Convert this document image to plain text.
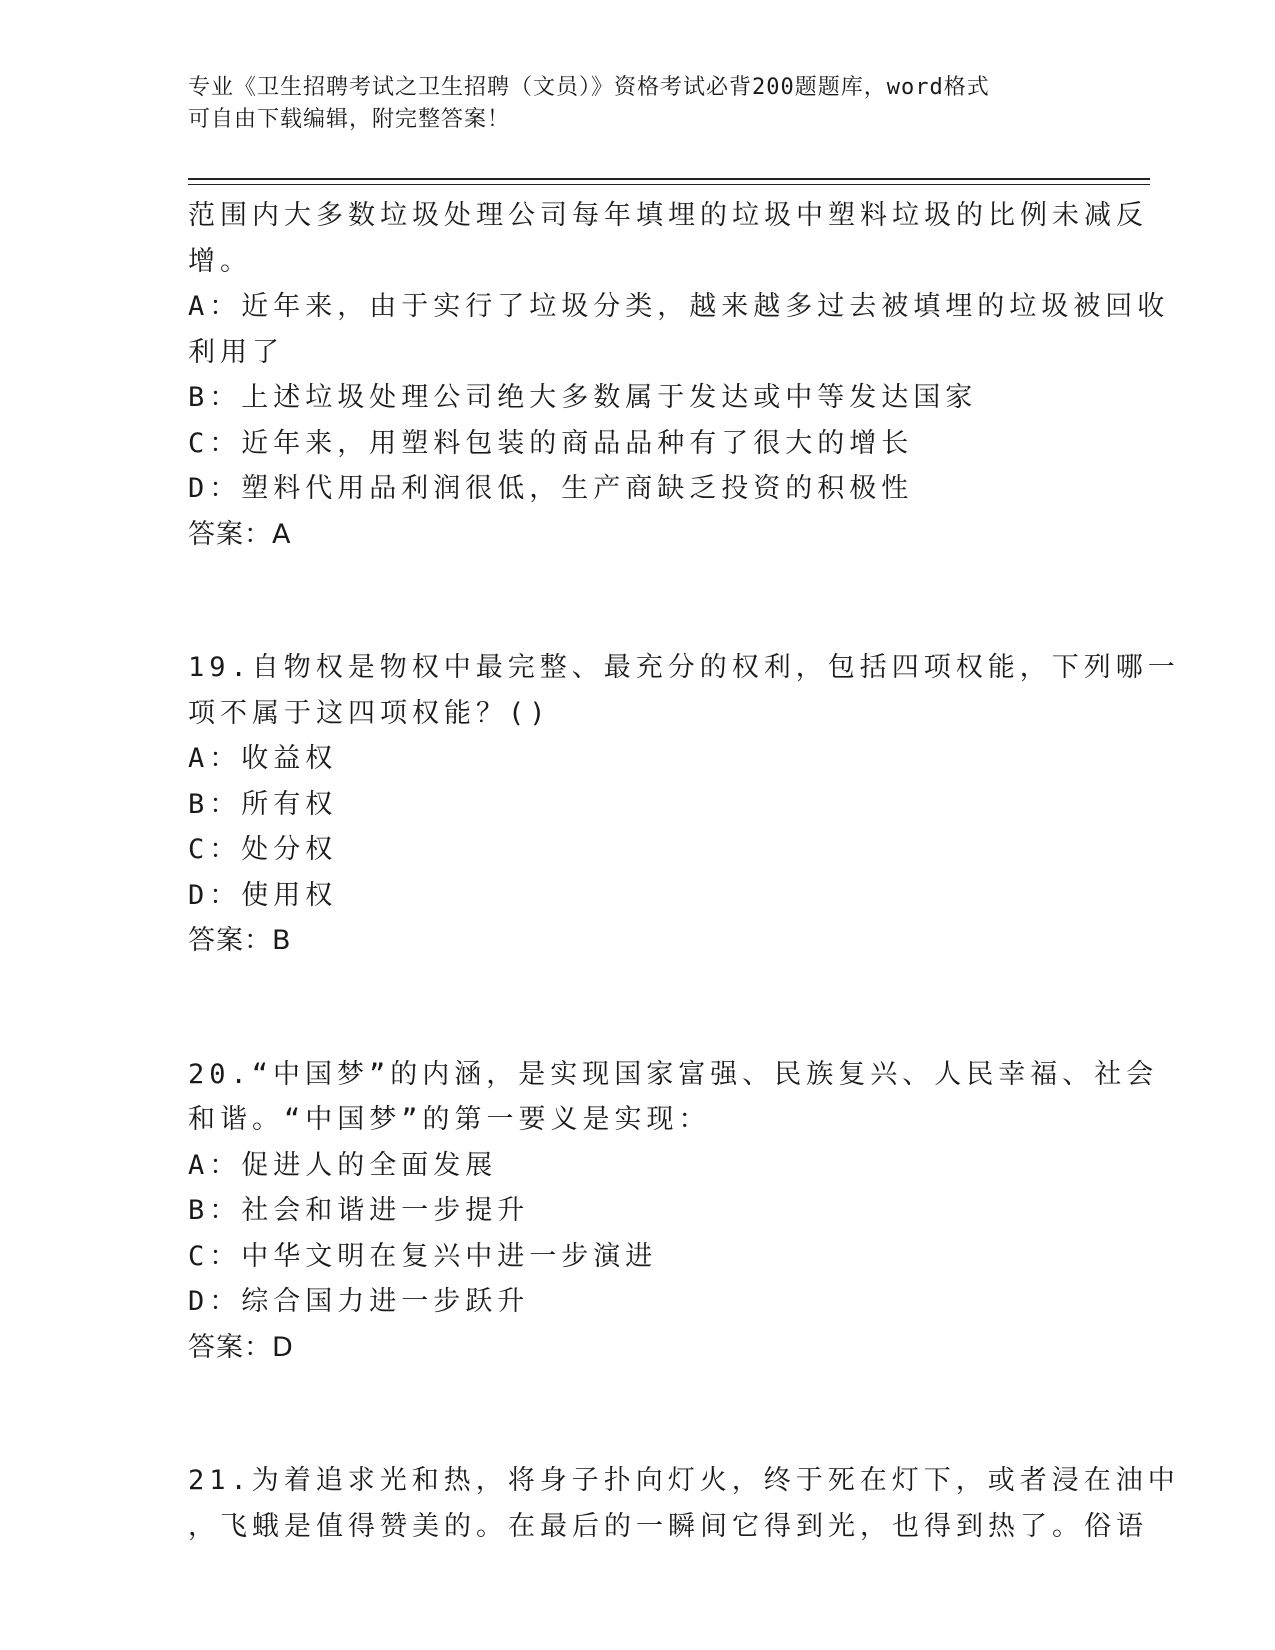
专业《卫生招聘考试之卫生招聘（文员）》资格考试必背200题题库，word格式
可自由下载编辑，附完整答案！
范围内大多数垃圾处理公司每年填埋的垃圾中塑料垃圾的比例未减反
增。
A：近年来，由于实行了垃圾分类，越来越多过去被填埋的垃圾被回收
利用了
B：上述垃圾处理公司绝大多数属于发达或中等发达国家
C：近年来，用塑料包装的商品品种有了很大的增长
D：塑料代用品利润很低，生产商缺乏投资的积极性
答案：A
19.自物权是物权中最完整、最充分的权利，包括四项权能，下列哪一
项不属于这四项权能？()
A：收益权
B：所有权
C：处分权
D：使用权
答案：B
20.“中国梦”的内涵，是实现国家富强、民族复兴、人民幸福、社会
和谐。“中国梦”的第一要义是实现：
A：促进人的全面发展
B：社会和谐进一步提升
C：中华文明在复兴中进一步演进
D：综合国力进一步跃升
答案：D
21.为着追求光和热，将身子扑向灯火，终于死在灯下，或者浸在油中
，飞蛾是值得赞美的。在最后的一瞬间它得到光，也得到热了。俗语
